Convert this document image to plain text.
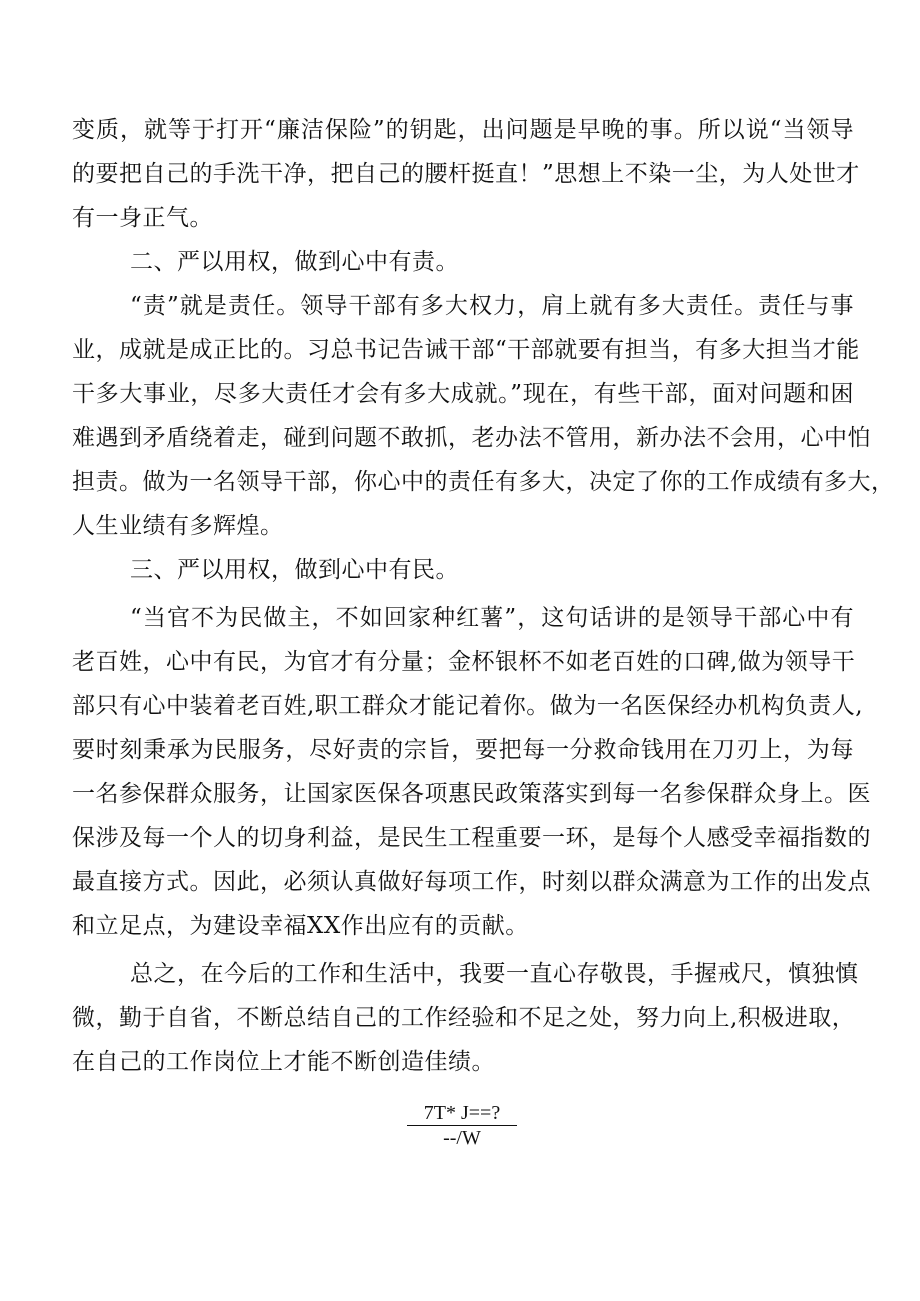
变质，就等于打开“廉洁保险”的钥匙，出问题是早晚的事。所以说“当领导
的要把自己的手洗干净，把自己的腰杆挺直！”思想上不染一尘，为人处世才
有一身正气。
二、严以用权，做到心中有责。
“责”就是责任。领导干部有多大权力，肩上就有多大责任。责任与事
业，成就是成正比的。习总书记告诫干部“干部就要有担当，有多大担当才能
干多大事业，尽多大责任才会有多大成就。”现在，有些干部，面对问题和困
难遇到矛盾绕着走，碰到问题不敢抓，老办法不管用，新办法不会用，心中怕
担责。做为一名领导干部，你心中的责任有多大，决定了你的工作成绩有多大，
人生业绩有多辉煌。
三、严以用权，做到心中有民。
“当官不为民做主，不如回家种红薯”，这句话讲的是领导干部心中有
老百姓，心中有民，为官才有分量；金杯银杯不如老百姓的口碑,做为领导干
部只有心中装着老百姓,职工群众才能记着你。做为一名医保经办机构负责人,
要时刻秉承为民服务，尽好责的宗旨，要把每一分救命钱用在刀刃上，为每
一名参保群众服务，让国家医保各项惠民政策落实到每一名参保群众身上。医
保涉及每一个人的切身利益，是民生工程重要一环，是每个人感受幸福指数的
最直接方式。因此，必须认真做好每项工作，时刻以群众满意为工作的出发点
和立足点，为建设幸福XX作出应有的贡献。
总之，在今后的工作和生活中，我要一直心存敬畏，手握戒尺，慎独慎
微，勤于自省，不断总结自己的工作经验和不足之处，努力向上,积极进取，
在自己的工作岗位上才能不断创造佳绩。
$\frac{7T* J==?}{--/W}$
